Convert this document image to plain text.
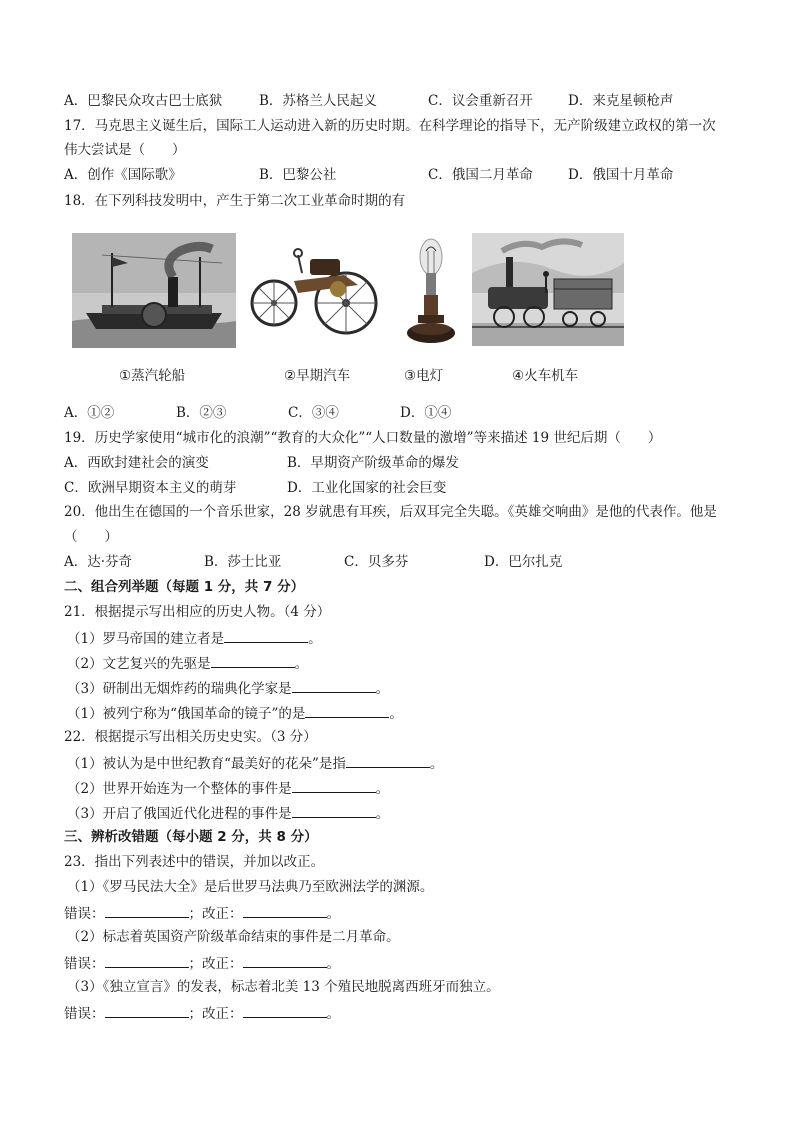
A．巴黎民众攻古巴士底狱	B．苏格兰人民起义	C．议会重新召开	D．来克星顿枪声
17．马克思主义诞生后，国际工人运动进入新的历史时期。在科学理论的指导下，无产阶级建立政权的第一次
伟大尝试是（　　）
A．创作《国际歌》	B．巴黎公社	C．俄国二月革命	D．俄国十月革命
18．在下列科技发明中，产生于第二次工业革命时期的有
①蒸汽轮船	②早期汽车	③电灯	④火车机车
A．①②	B．②③	C．③④	D．①④
19．历史学家使用“城市化的浪潮”“教育的大众化”“人口数量的激增”等来描述 19 世纪后期（　　）
A．西欧封建社会的演变	B．早期资产阶级革命的爆发
C．欧洲早期资本主义的萌芽	D．工业化国家的社会巨变
20．他出生在德国的一个音乐世家，28 岁就患有耳疾，后双耳完全失聪。《英雄交响曲》是他的代表作。他是
（　　）
A．达·芬奇	B．莎士比亚	C．贝多芬	D．巴尔扎克
二、组合列举题（每题 1 分，共 7 分）
21．根据提示写出相应的历史人物。（4 分）
（1）罗马帝国的建立者是	。
（2）文艺复兴的先驱是	。
（3）研制出无烟炸药的瑞典化学家是	。
（1）被列宁称为“俄国革命的镜子”的是	。
22．根据提示写出相关历史史实。（3 分）
（1）被认为是中世纪教育“最美好的花朵”是指	。
（2）世界开始连为一个整体的事件是	。
（3）开启了俄国近代化进程的事件是	。
三、辨析改错题（每小题 2 分，共 8 分）
23．指出下列表述中的错误，并加以改正。
（1）《罗马民法大全》是后世罗马法典乃至欧洲法学的渊源。
错误：	；改正：	。
（2）标志着英国资产阶级革命结束的事件是二月革命。
错误：	；改正：	。
（3）《独立宣言》的发表，标志着北美 13 个殖民地脱离西班牙而独立。
错误：	；改正：	。
